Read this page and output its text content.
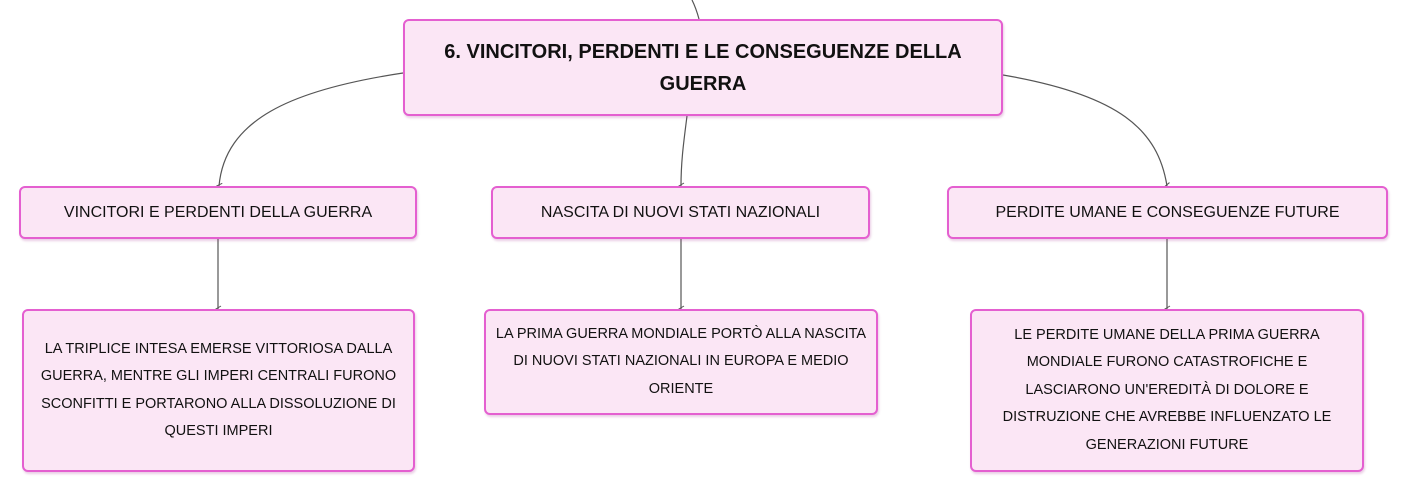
6. VINCITORI, PERDENTI E LE CONSEGUENZE DELLA GUERRA
VINCITORI E PERDENTI DELLA GUERRA	NASCITA DI NUOVI STATI NAZIONALI	PERDITE UMANE E CONSEGUENZE FUTURE
LA TRIPLICE INTESA EMERSE VITTORIOSA DALLA GUERRA, MENTRE GLI IMPERI CENTRALI FURONO SCONFITTI E PORTARONO ALLA DISSOLUZIONE DI QUESTI IMPERI
LA PRIMA GUERRA MONDIALE PORTÒ ALLA NASCITA DI NUOVI STATI NAZIONALI IN EUROPA E MEDIO ORIENTE
LE PERDITE UMANE DELLA PRIMA GUERRA MONDIALE FURONO CATASTROFICHE E LASCIARONO UN'EREDITÀ DI DOLORE E DISTRUZIONE CHE AVREBBE INFLUENZATO LE GENERAZIONI FUTURE
